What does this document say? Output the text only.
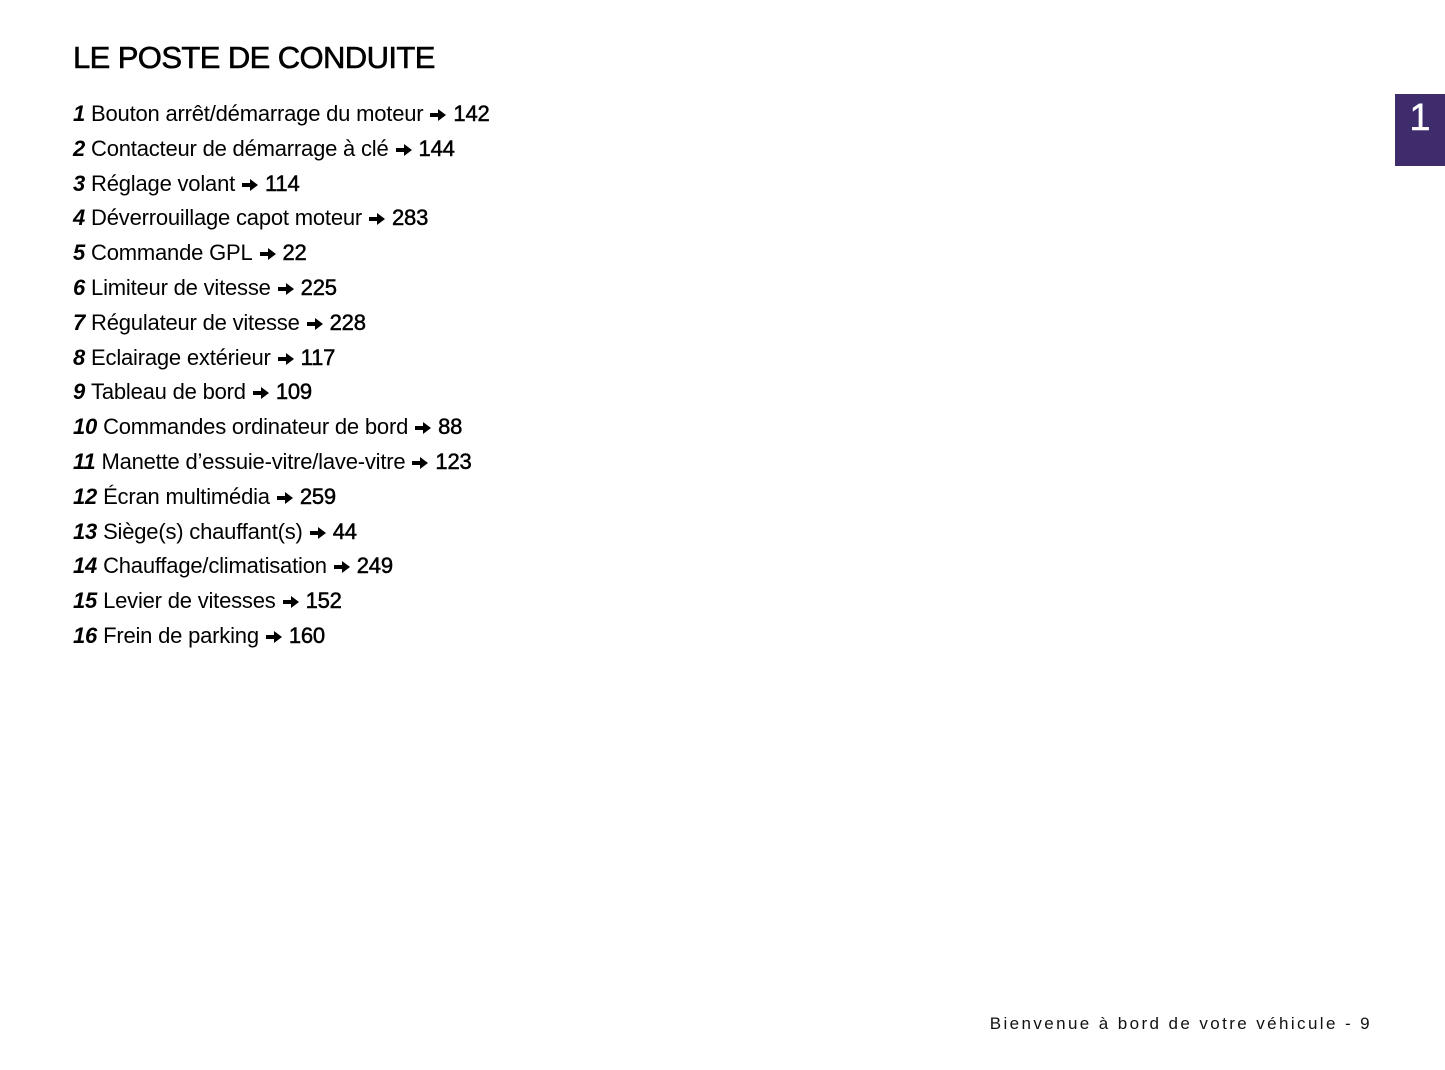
LE POSTE DE CONDUITE
1
1 Bouton arrêt/démarrage du moteur 142
2 Contacteur de démarrage à clé 144
3 Réglage volant 114
4 Déverrouillage capot moteur 283
5 Commande GPL 22
6 Limiteur de vitesse 225
7 Régulateur de vitesse 228
8 Eclairage extérieur 117
9 Tableau de bord 109
10 Commandes ordinateur de bord 88
11 Manette d’essuie-vitre/lave-vitre 123
12 Écran multimédia 259
13 Siège(s) chauffant(s) 44
14 Chauffage/climatisation 249
15 Levier de vitesses 152
16 Frein de parking 160
Bienvenue à bord de votre véhicule - 9
